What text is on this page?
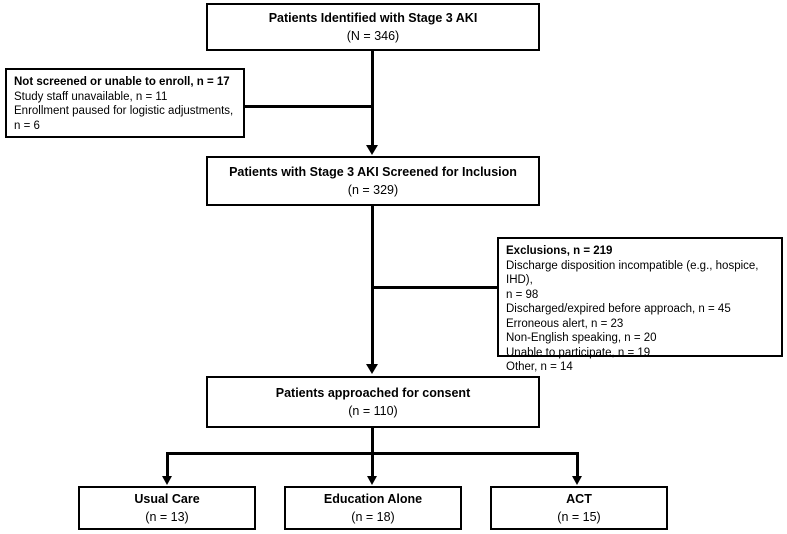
Patients Identified with Stage 3 AKI
(N = 346)
Not screened or unable to enroll, n = 17
Study staff unavailable, n = 11
Enrollment paused for logistic adjustments,
n = 6
Patients with Stage 3 AKI Screened for Inclusion
(n = 329)
Exclusions, n = 219
Discharge disposition incompatible (e.g., hospice, IHD),
n = 98
Discharged/expired before approach, n = 45
Erroneous alert, n = 23
Non-English speaking, n = 20
Unable to participate, n = 19
Other, n = 14
Patients approached for consent
(n = 110)
Usual Care
(n = 13)
Education Alone
(n = 18)
ACT
(n = 15)
